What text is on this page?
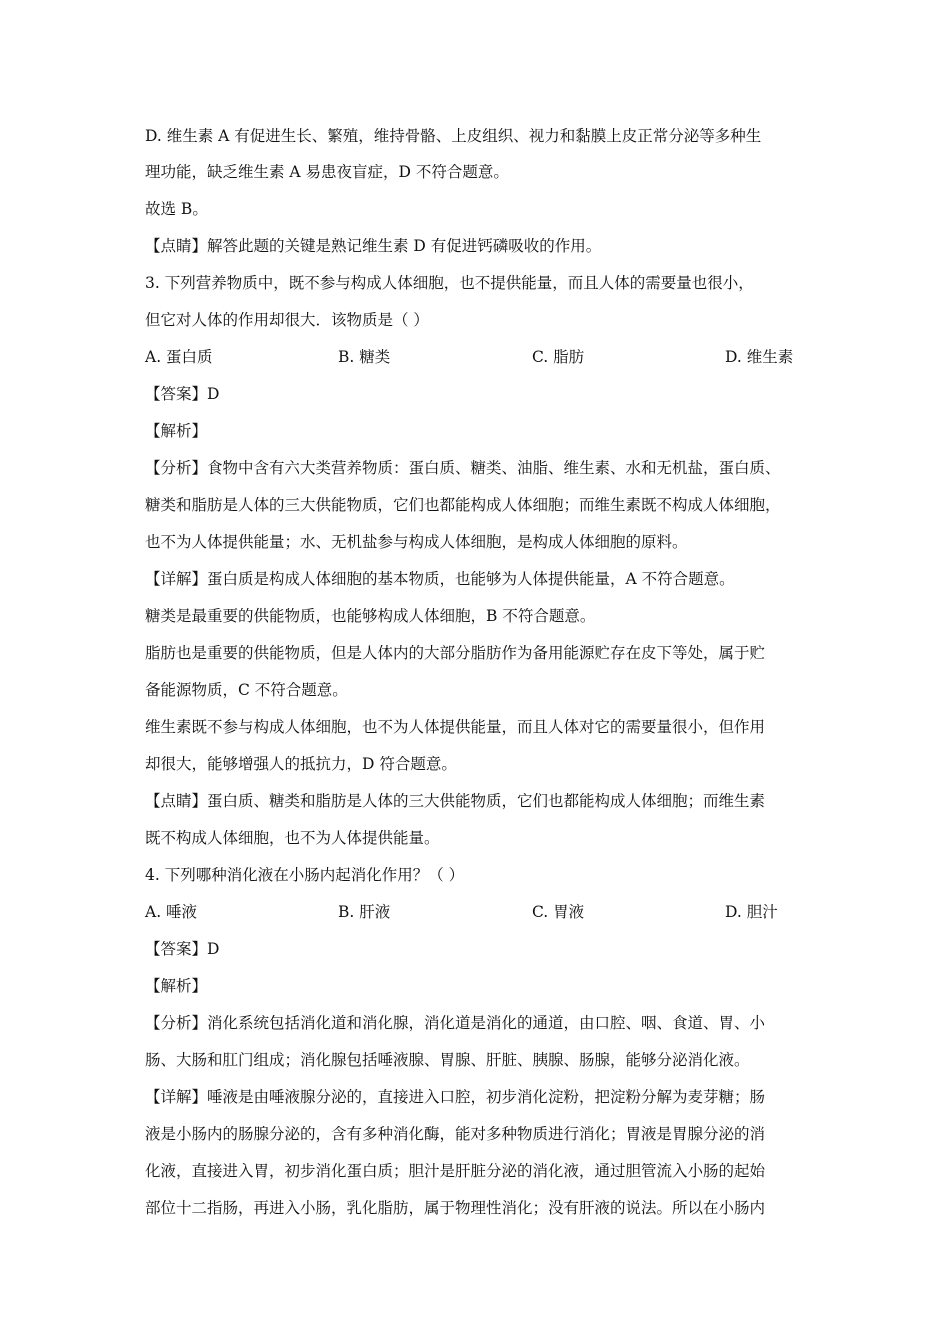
D. 维生素 A 有促进生长、繁殖，维持骨骼、上皮组织、视力和黏膜上皮正常分泌等多种生
理功能，缺乏维生素 A 易患夜盲症，D 不符合题意。
故选 B。
【点睛】解答此题的关键是熟记维生素 D 有促进钙磷吸收的作用。
3. 下列营养物质中，既不参与构成人体细胞，也不提供能量，而且人体的需要量也很小，
但它对人体的作用却很大．该物质是（ ）
A. 蛋白质	B. 糖类	C. 脂肪	D. 维生素
【答案】D
【解析】
【分析】食物中含有六大类营养物质：蛋白质、糖类、油脂、维生素、水和无机盐，蛋白质、
糖类和脂肪是人体的三大供能物质，它们也都能构成人体细胞；而维生素既不构成人体细胞，
也不为人体提供能量；水、无机盐参与构成人体细胞，是构成人体细胞的原料。
【详解】蛋白质是构成人体细胞的基本物质，也能够为人体提供能量，A 不符合题意。
糖类是最重要的供能物质，也能够构成人体细胞，B 不符合题意。
脂肪也是重要的供能物质，但是人体内的大部分脂肪作为备用能源贮存在皮下等处，属于贮
备能源物质，C 不符合题意。
维生素既不参与构成人体细胞，也不为人体提供能量，而且人体对它的需要量很小，但作用
却很大，能够增强人的抵抗力，D 符合题意。
【点睛】蛋白质、糖类和脂肪是人体的三大供能物质，它们也都能构成人体细胞；而维生素
既不构成人体细胞，也不为人体提供能量。
4. 下列哪种消化液在小肠内起消化作用？（ ）
A. 唾液	B. 肝液	C. 胃液	D. 胆汁
【答案】D
【解析】
【分析】消化系统包括消化道和消化腺，消化道是消化的通道，由口腔、咽、食道、胃、小
肠、大肠和肛门组成；消化腺包括唾液腺、胃腺、肝脏、胰腺、肠腺，能够分泌消化液。
【详解】唾液是由唾液腺分泌的，直接进入口腔，初步消化淀粉，把淀粉分解为麦芽糖；肠
液是小肠内的肠腺分泌的，含有多种消化酶，能对多种物质进行消化；胃液是胃腺分泌的消
化液，直接进入胃，初步消化蛋白质；胆汁是肝脏分泌的消化液，通过胆管流入小肠的起始
部位十二指肠，再进入小肠，乳化脂肪，属于物理性消化；没有肝液的说法。所以在小肠内
